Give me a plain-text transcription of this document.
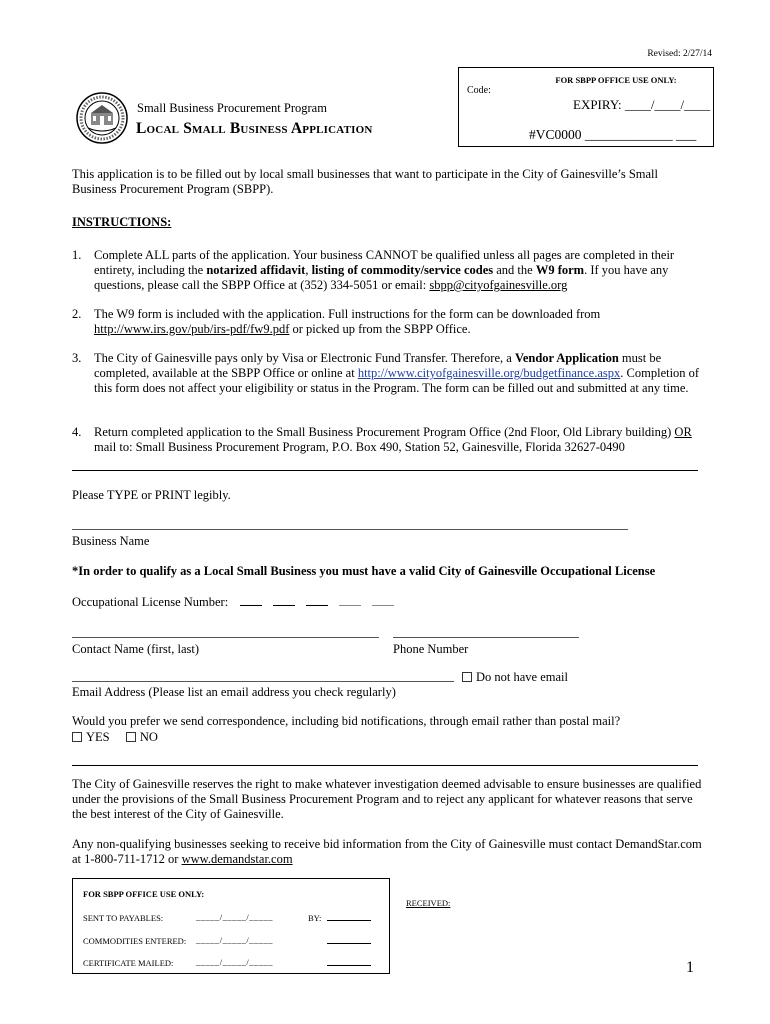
Revised: 2/27/14
FOR SBPP OFFICE USE ONLY:
Code:
EXPIRY: ____/____/____
#VC0000 _____________ ___
Small Business Procurement Program
Local Small Business Application
This application is to be filled out by local small businesses that want to participate in the City of Gainesville’s Small Business Procurement Program (SBPP).
INSTRUCTIONS:
1. Complete ALL parts of the application. Your business CANNOT be qualified unless all pages are completed in their entirety, including the notarized affidavit, listing of commodity/service codes and the W9 form. If you have any questions, please call the SBPP Office at (352) 334-5051 or email: sbpp@cityofgainesville.org
2. The W9 form is included with the application. Full instructions for the form can be downloaded from http://www.irs.gov/pub/irs-pdf/fw9.pdf or picked up from the SBPP Office.
3. The City of Gainesville pays only by Visa or Electronic Fund Transfer. Therefore, a Vendor Application must be completed, available at the SBPP Office or online at http://www.cityofgainesville.org/budgetfinance.aspx. Completion of this form does not affect your eligibility or status in the Program. The form can be filled out and submitted at any time.
4. Return completed application to the Small Business Procurement Program Office (2nd Floor, Old Library building) OR mail to: Small Business Procurement Program, P.O. Box 490, Station 52, Gainesville, Florida 32627-0490
Please TYPE or PRINT legibly.
Business Name
*In order to qualify as a Local Small Business you must have a valid City of Gainesville Occupational License
Occupational License Number:
Contact Name (first, last)	Phone Number
Do not have email
Email Address (Please list an email address you check regularly)
Would you prefer we send correspondence, including bid notifications, through email rather than postal mail?
YES NO
The City of Gainesville reserves the right to make whatever investigation deemed advisable to ensure businesses are qualified under the provisions of the Small Business Procurement Program and to reject any applicant for whatever reasons that serve the best interest of the City of Gainesville.
Any non-qualifying businesses seeking to receive bid information from the City of Gainesville must contact DemandStar.com at 1-800-711-1712 or www.demandstar.com
FOR SBPP OFFICE USE ONLY:
RECEIVED:
SENT TO PAYABLES:	_____/_____/_____	BY:
COMMODITIES ENTERED: _____/_____/_____
CERTIFICATE MAILED:	_____/_____/_____	1
